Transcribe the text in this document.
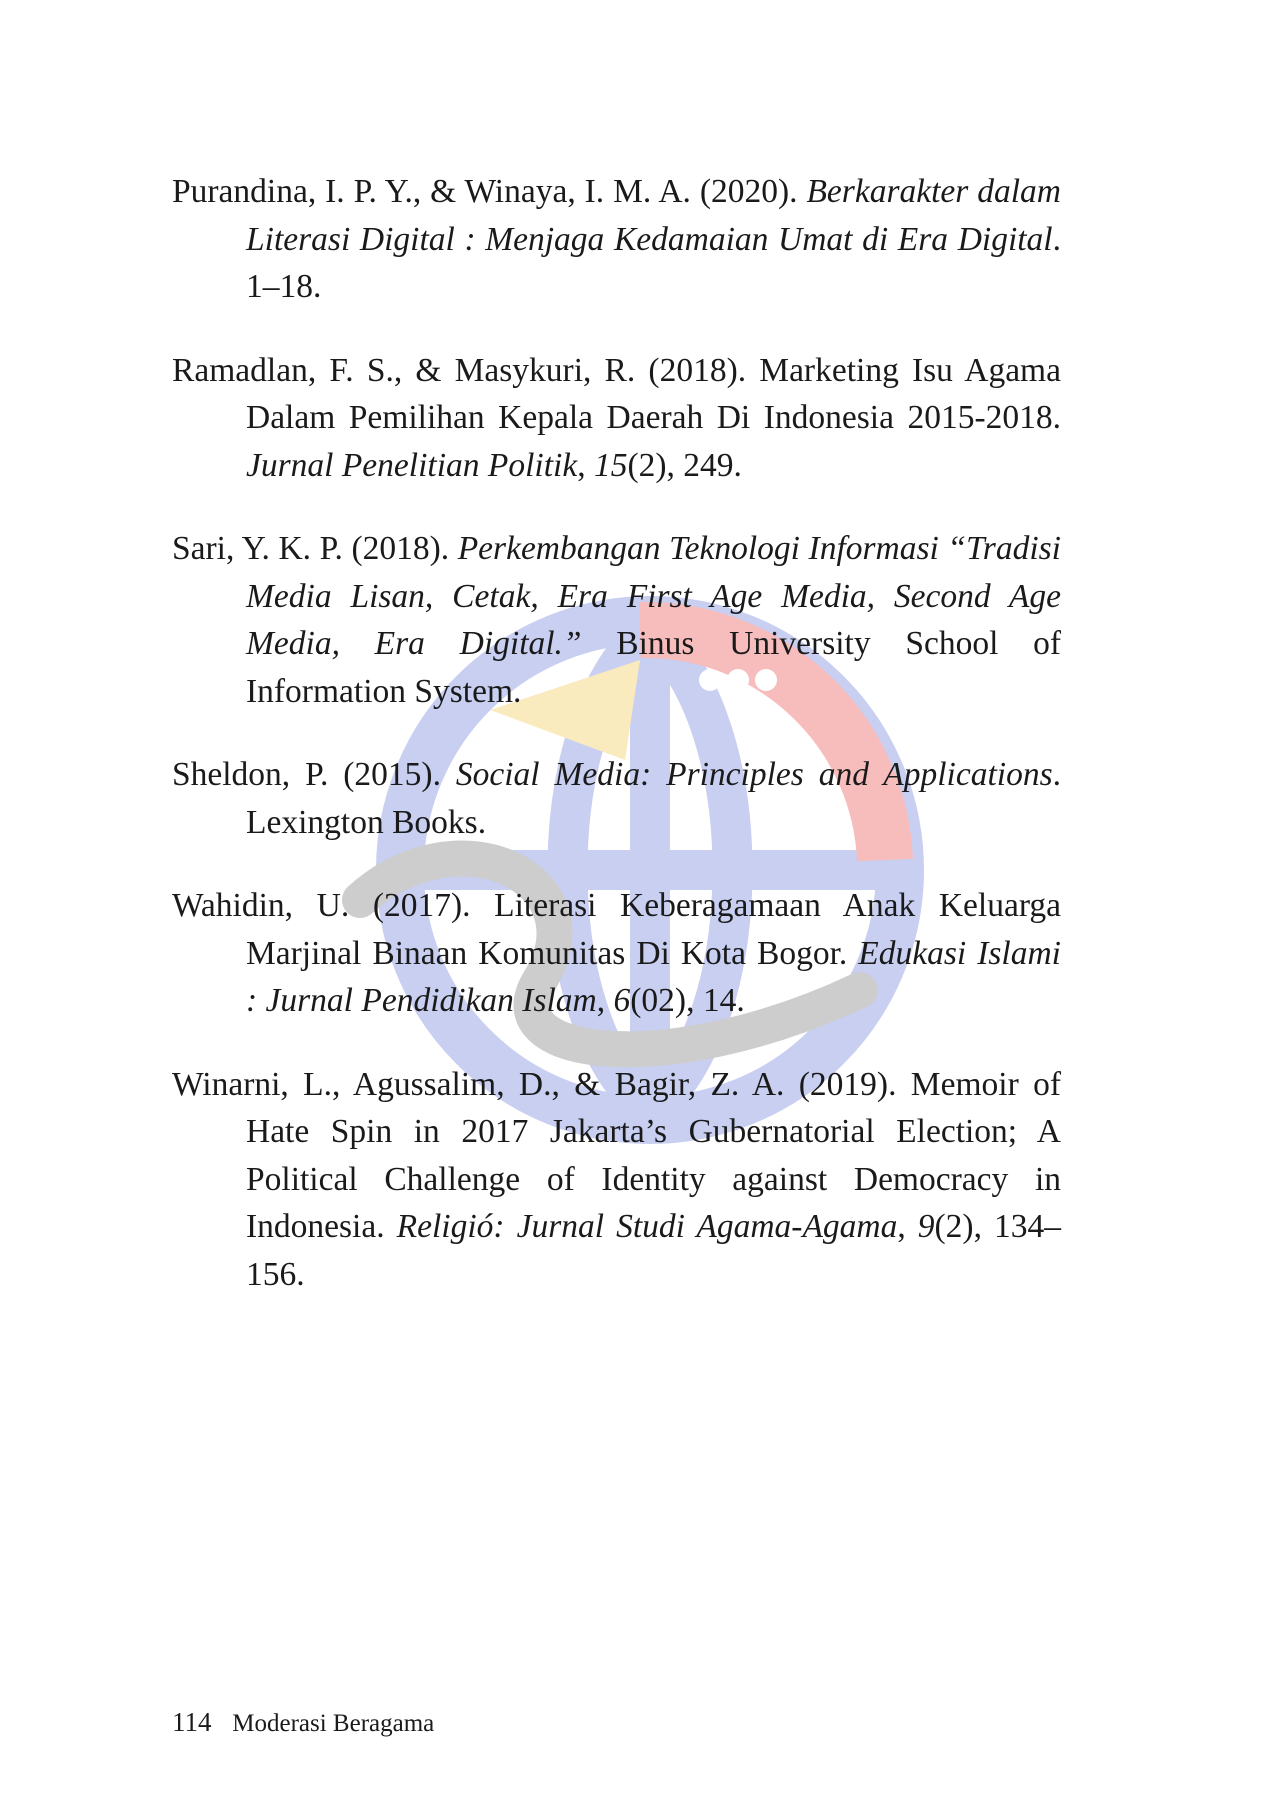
Purandina, I. P. Y., & Winaya, I. M. A. (2020). Berkarakter dalam Literasi Digital : Menjaga Kedamaian Umat di Era Digital. 1–18.

Ramadlan, F. S., & Masykuri, R. (2018). Marketing Isu Agama Dalam Pemilihan Kepala Daerah Di Indonesia 2015-2018. Jurnal Penelitian Politik, 15(2), 249.

Sari, Y. K. P. (2018). Perkembangan Teknologi Informasi “Tradisi Media Lisan, Cetak, Era First Age Media, Second Age Media, Era Digital.” Binus University School of Information System.

Sheldon, P. (2015). Social Media: Principles and Applications. Lexington Books.

Wahidin, U. (2017). Literasi Keberagamaan Anak Keluarga Marjinal Binaan Komunitas Di Kota Bogor. Edukasi Islami : Jurnal Pendidikan Islam, 6(02), 14.

Winarni, L., Agussalim, D., & Bagir, Z. A. (2019). Memoir of Hate Spin in 2017 Jakarta’s Gubernatorial Election; A Political Challenge of Identity against Democracy in Indonesia. Religió: Jurnal Studi Agama-Agama, 9(2), 134–156.

114 Moderasi Beragama
